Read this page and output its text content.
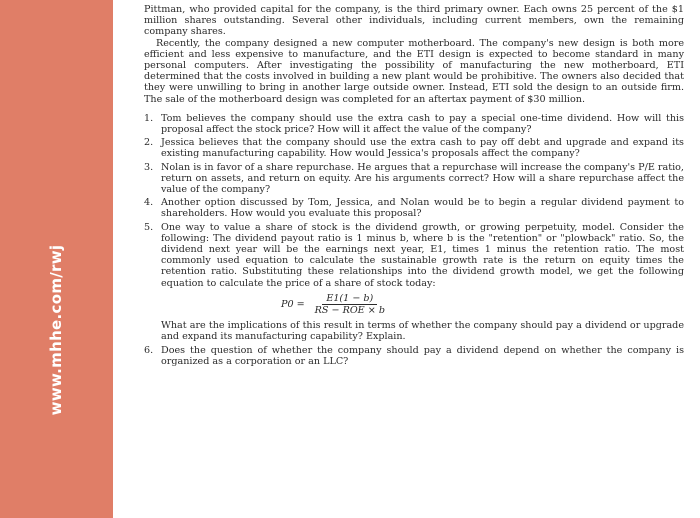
www.mhhe.com/rwj

Pittman, who provided capital for the company, is the third primary owner. Each owns 25 percent of the $1 million shares outstanding. Several other individuals, including current members, own the remaining company shares.

Recently, the company designed a new computer motherboard. The company's new design is both more efficient and less expensive to manufacture, and the ETI design is expected to become standard in many personal computers. After investigating the possibility of manufacturing the new motherboard, ETI determined that the costs involved in building a new plant would be prohibitive. The owners also decided that they were unwilling to bring in another large outside owner. Instead, ETI sold the design to an outside firm. The sale of the motherboard design was completed for an aftertax payment of $30 million.

1. Tom believes the company should use the extra cash to pay a special one-time dividend. How will this proposal affect the stock price? How will it affect the value of the company?
2. Jessica believes that the company should use the extra cash to pay off debt and upgrade and expand its existing manufacturing capability. How would Jessica's proposals affect the company?
3. Nolan is in favor of a share repurchase. He argues that a repurchase will increase the company's P/E ratio, return on assets, and return on equity. Are his arguments correct? How will a share repurchase affect the value of the company?
4. Another option discussed by Tom, Jessica, and Nolan would be to begin a regular dividend payment to shareholders. How would you evaluate this proposal?
5. One way to value a share of stock is the dividend growth, or growing perpetuity, model. Consider the following: The dividend payout ratio is 1 minus b, where b is the "retention" or "plowback" ratio. So, the dividend next year will be the earnings next year, E1, times 1 minus the retention ratio. The most commonly used equation to calculate the sustainable growth rate is the return on equity times the retention ratio. Substituting these relationships into the dividend growth model, we get the following equation to calculate the price of a share of stock today:
$P0 = \frac{E1(1 - b)}{\text{RS − ROE × b}}$
What are the implications of this result in terms of whether the company should pay a dividend or upgrade and expand its manufacturing capability? Explain.
6. Does the question of whether the company should pay a dividend depend on whether the company is organized as a corporation or an LLC?
